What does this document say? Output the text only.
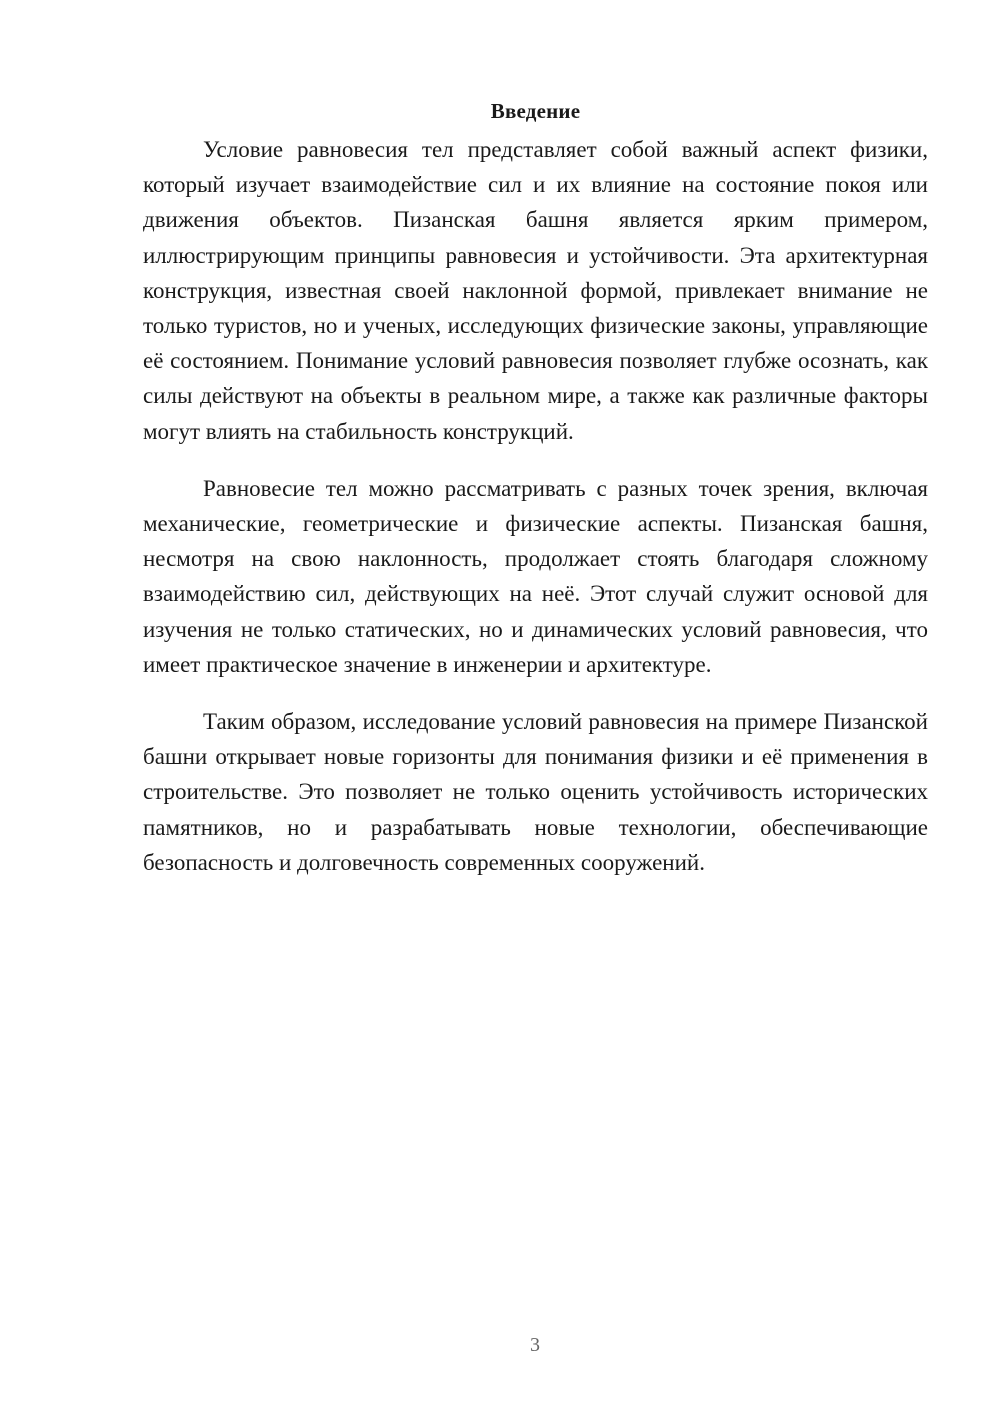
Введение

Условие равновесия тел представляет собой важный аспект физики, который изучает взаимодействие сил и их влияние на состояние покоя или движения объектов. Пизанская башня является ярким примером, иллюстрирующим принципы равновесия и устойчивости. Эта архитектурная конструкция, известная своей наклонной формой, привлекает внимание не только туристов, но и ученых, исследующих физические законы, управляющие её состоянием. Понимание условий равновесия позволяет глубже осознать, как силы действуют на объекты в реальном мире, а также как различные факторы могут влиять на стабильность конструкций.

Равновесие тел можно рассматривать с разных точек зрения, включая механические, геометрические и физические аспекты. Пизанская башня, несмотря на свою наклонность, продолжает стоять благодаря сложному взаимодействию сил, действующих на неё. Этот случай служит основой для изучения не только статических, но и динамических условий равновесия, что имеет практическое значение в инженерии и архитектуре.

Таким образом, исследование условий равновесия на примере Пизанской башни открывает новые горизонты для понимания физики и её применения в строительстве. Это позволяет не только оценить устойчивость исторических памятников, но и разрабатывать новые технологии, обеспечивающие безопасность и долговечность современных сооружений.

3
